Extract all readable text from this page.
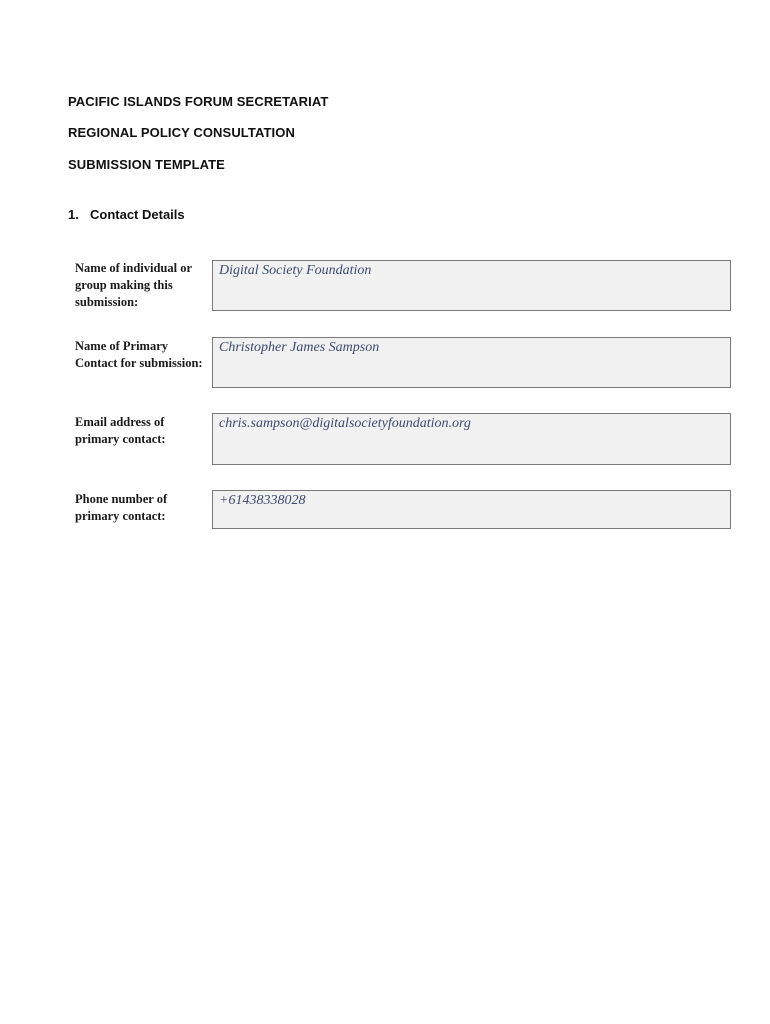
PACIFIC ISLANDS FORUM SECRETARIAT
REGIONAL POLICY CONSULTATION
SUBMISSION TEMPLATE
1. Contact Details
Name of individual or group making this submission:
Digital Society Foundation
Name of Primary Contact for submission:
Christopher James Sampson
Email address of primary contact:
chris.sampson@digitalsocietyfoundation.org
Phone number of primary contact:
+61438338028
